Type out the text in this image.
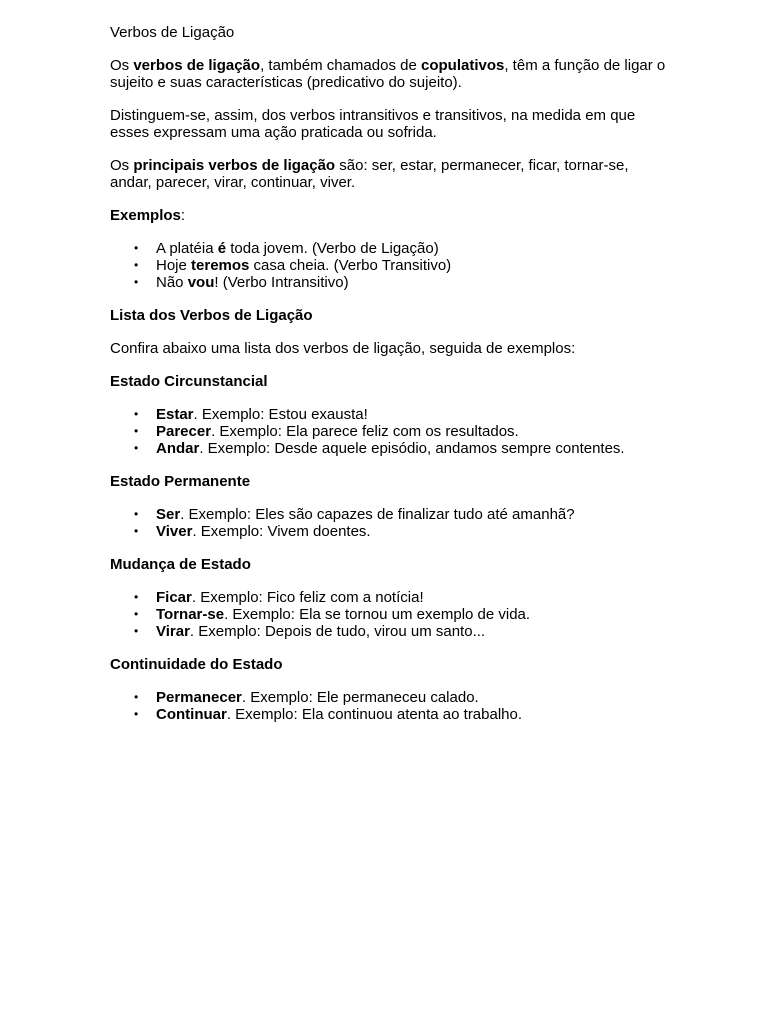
Verbos de Ligação

Os verbos de ligação, também chamados de copulativos, têm a função de ligar o sujeito e suas características (predicativo do sujeito).

Distinguem-se, assim, dos verbos intransitivos e transitivos, na medida em que esses expressam uma ação praticada ou sofrida.

Os principais verbos de ligação são: ser, estar, permanecer, ficar, tornar-se, andar, parecer, virar, continuar, viver.

Exemplos:

• A platéia é toda jovem. (Verbo de Ligação)
• Hoje teremos casa cheia. (Verbo Transitivo)
• Não vou! (Verbo Intransitivo)
Lista dos Verbos de Ligação

Confira abaixo uma lista dos verbos de ligação, seguida de exemplos:

Estado Circunstancial
• Estar. Exemplo: Estou exausta!
• Parecer. Exemplo: Ela parece feliz com os resultados.
• Andar. Exemplo: Desde aquele episódio, andamos sempre contentes.
Estado Permanente
• Ser. Exemplo: Eles são capazes de finalizar tudo até amanhã?
• Viver. Exemplo: Vivem doentes.
Mudança de Estado
• Ficar. Exemplo: Fico feliz com a notícia!
• Tornar-se. Exemplo: Ela se tornou um exemplo de vida.
• Virar. Exemplo: Depois de tudo, virou um santo...
Continuidade do Estado
• Permanecer. Exemplo: Ele permaneceu calado.
• Continuar. Exemplo: Ela continuou atenta ao trabalho.
